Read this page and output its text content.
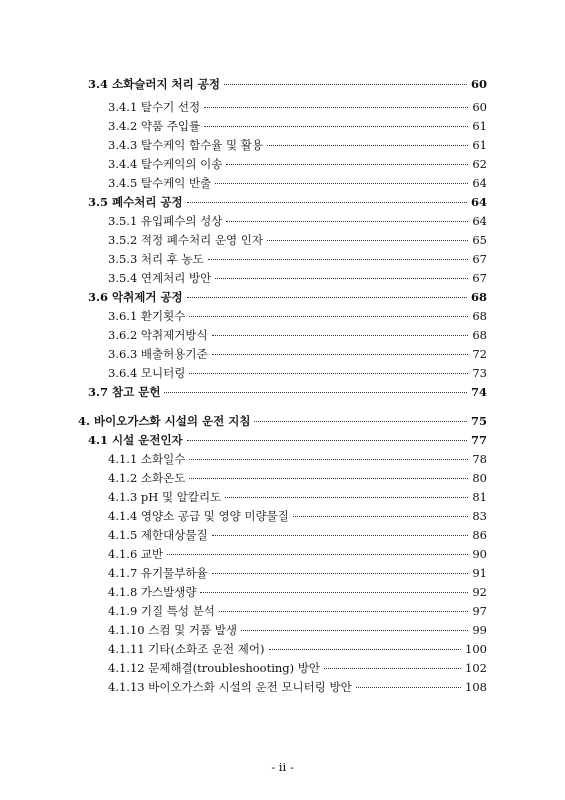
3.4 소화슬러지 처리 공정	60
3.4.1 탈수기 선정	60
3.4.2 약품 주입률	61
3.4.3 탈수케익 함수율 및 활용	61
3.4.4 탈수케익의 이송	62
3.4.5 탈수케익 반출	64
3.5 폐수처리 공정	64
3.5.1 유입폐수의 성상	64
3.5.2 적정 폐수처리 운영 인자	65
3.5.3 처리 후 농도	67
3.5.4 연계처리 방안	67
3.6 악취제거 공정	68
3.6.1 환기횟수	68
3.6.2 악취제거방식	68
3.6.3 배출허용기준	72
3.6.4 모니터링	73
3.7 참고 문헌	74
4. 바이오가스화 시설의 운전 지침	75
4.1 시설 운전인자	77
4.1.1 소화일수	78
4.1.2 소화온도	80
4.1.3 pH 및 알칼리도	81
4.1.4 영양소 공급 및 영양 미량물질	83
4.1.5 제한대상물질	86
4.1.6 교반	90
4.1.7 유기물부하율	91
4.1.8 가스발생량	92
4.1.9 기질 특성 분석	97
4.1.10 스컴 및 거품 발생	99
4.1.11 기타(소화조 운전 제어)	100
4.1.12 문제해결(troubleshooting) 방안	102
4.1.13 바이오가스화 시설의 운전 모니터링 방안	108
- ii -
